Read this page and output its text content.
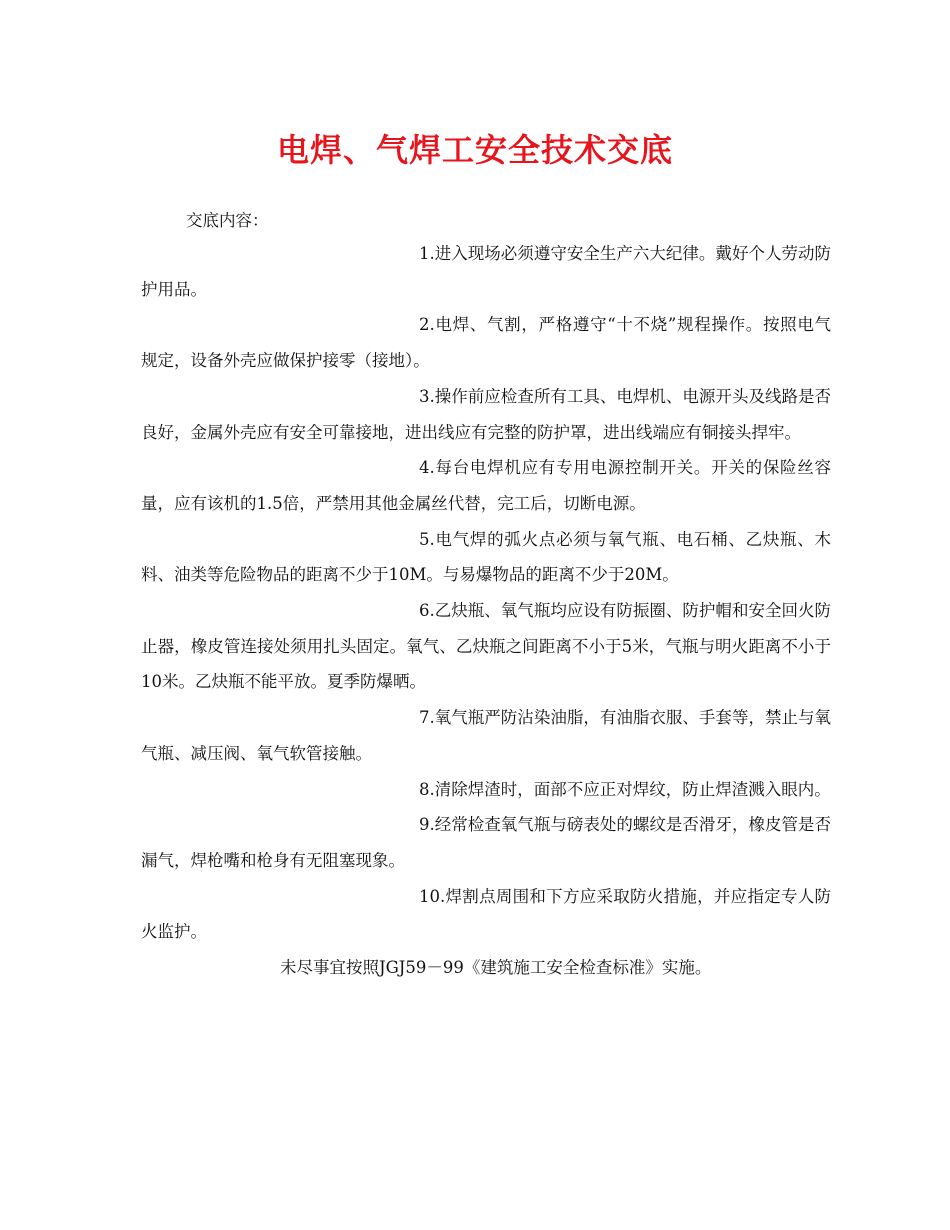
电焊、气焊工安全技术交底
交底内容：

1.进入现场必须遵守安全生产六大纪律。戴好个人劳动防护用品。

2.电焊、气割，严格遵守“十不烧”规程操作。按照电气规定，设备外壳应做保护接零（接地）。

3.操作前应检查所有工具、电焊机、电源开头及线路是否良好，金属外壳应有安全可靠接地，进出线应有完整的防护罩，进出线端应有铜接头捍牢。

4.每台电焊机应有专用电源控制开关。开关的保险丝容量，应有该机的1.5倍，严禁用其他金属丝代替，完工后，切断电源。

5.电气焊的弧火点必须与氧气瓶、电石桶、乙炔瓶、木料、油类等危险物品的距离不少于10M。与易爆物品的距离不少于20M。

6.乙炔瓶、氧气瓶均应设有防振圈、防护帽和安全回火防止器，橡皮管连接处须用扎头固定。氧气、乙炔瓶之间距离不小于5米，气瓶与明火距离不小于10米。乙炔瓶不能平放。夏季防爆晒。

7.氧气瓶严防沾染油脂，有油脂衣服、手套等，禁止与氧气瓶、减压阀、氧气软管接触。

8.清除焊渣时，面部不应正对焊纹，防止焊渣溅入眼内。

9.经常检查氧气瓶与磅表处的螺纹是否滑牙，橡皮管是否漏气，焊枪嘴和枪身有无阻塞现象。

10.焊割点周围和下方应采取防火措施，并应指定专人防火监护。

未尽事宜按照JGJ59－99《建筑施工安全检查标准》实施。
